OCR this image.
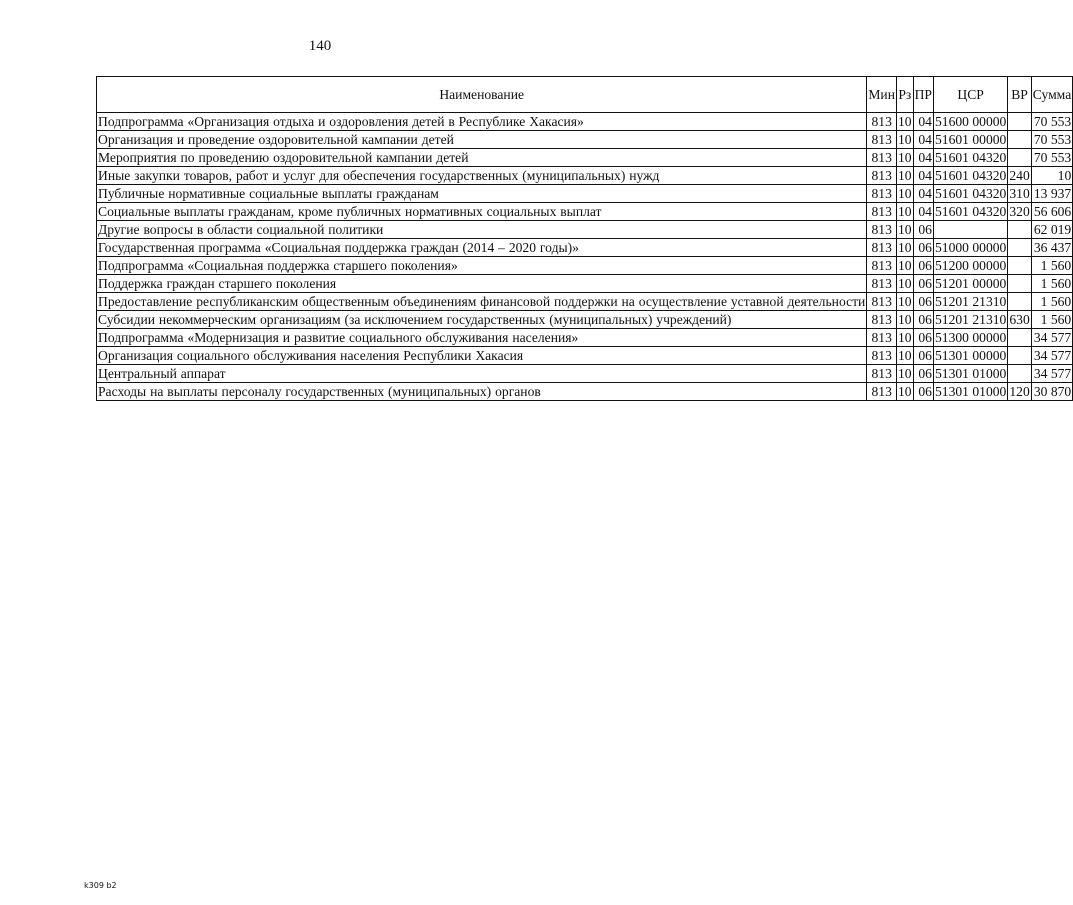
140
Наименование	Мин	Рз	ПР	ЦСР	ВР	Сумма
Подпрограмма «Организация отдыха и оздоровления детей в Республике Хакасия»	813	10	04	51600 00000		70 553
Организация и проведение оздоровительной кампании детей	813	10	04	51601 00000		70 553
Мероприятия по проведению оздоровительной кампании детей	813	10	04	51601 04320		70 553
Иные закупки товаров, работ и услуг для обеспечения государственных (муниципальных) нужд	813	10	04	51601 04320	240	10
Публичные нормативные социальные выплаты гражданам	813	10	04	51601 04320	310	13 937
Социальные выплаты гражданам, кроме публичных нормативных социальных выплат	813	10	04	51601 04320	320	56 606
Другие вопросы в области социальной политики	813	10	06			62 019
Государственная программа «Социальная поддержка граждан (2014 – 2020 годы)»	813	10	06	51000 00000		36 437
Подпрограмма «Социальная поддержка старшего поколения»	813	10	06	51200 00000		1 560
Поддержка граждан старшего поколения	813	10	06	51201 00000		1 560
Предоставление республиканским общественным объединениям финансовой поддержки на осуществление уставной деятельности	813	10	06	51201 21310		1 560
Субсидии некоммерческим организациям (за исключением государственных (муниципальных) учреждений)	813	10	06	51201 21310	630	1 560
Подпрограмма «Модернизация и развитие социального обслуживания населения»	813	10	06	51300 00000		34 577
Организация социального обслуживания населения Республики Хакасия	813	10	06	51301 00000		34 577
Центральный аппарат	813	10	06	51301 01000		34 577
Расходы на выплаты персоналу государственных (муниципальных) органов	813	10	06	51301 01000	120	30 870
k309 b2
